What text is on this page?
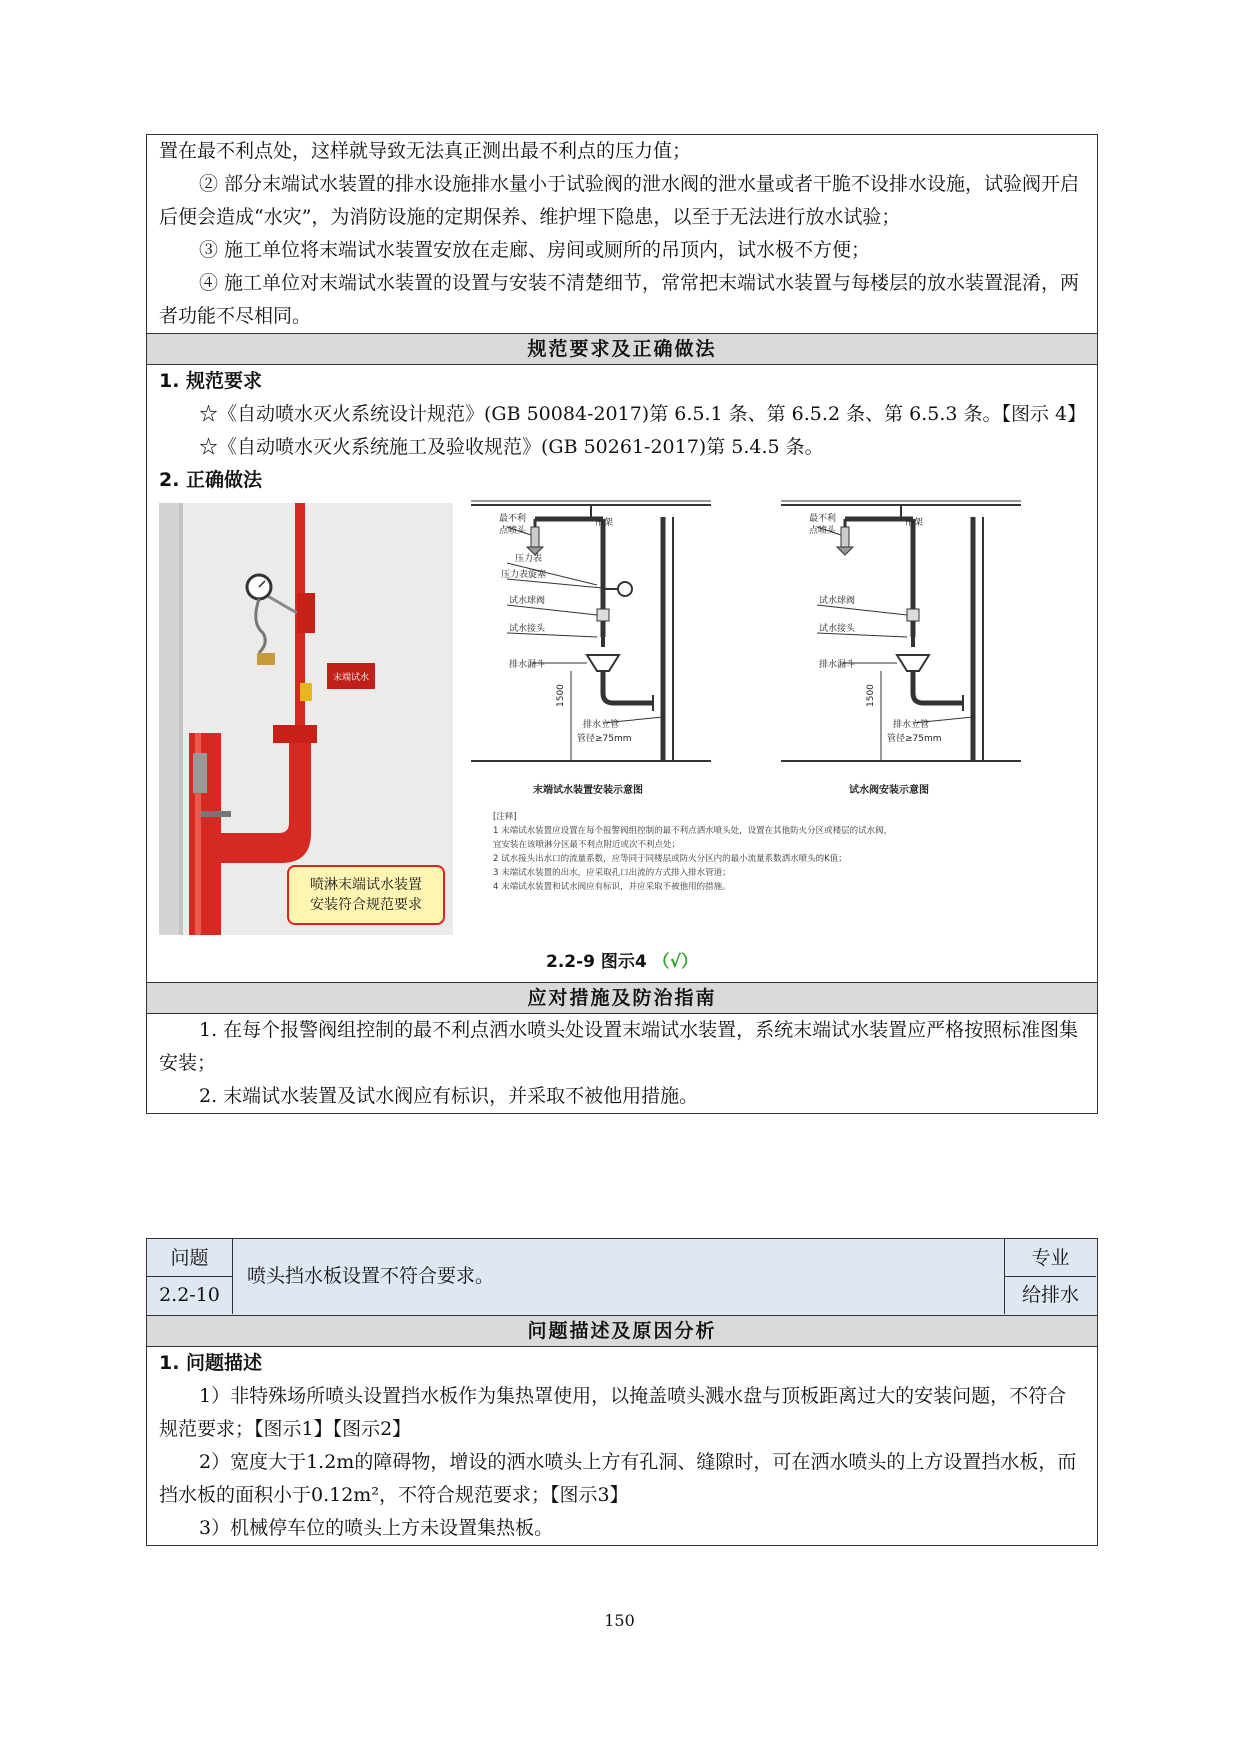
置在最不利点处，这样就导致无法真正测出最不利点的压力值；
② 部分末端试水装置的排水设施排水量小于试验阀的泄水阀的泄水量或者干脆不设排水设施，试验阀开启后便会造成“水灾”，为消防设施的定期保养、维护埋下隐患，以至于无法进行放水试验；
③ 施工单位将末端试水装置安放在走廊、房间或厕所的吊顶内，试水极不方便；
④ 施工单位对末端试水装置的设置与安装不清楚细节，常常把末端试水装置与每楼层的放水装置混淆，两者功能不尽相同。
规范要求及正确做法
1. 规范要求
☆《自动喷水灭火系统设计规范》(GB 50084-2017)第 6.5.1 条、第 6.5.2 条、第 6.5.3 条。【图示 4】
☆《自动喷水灭火系统施工及验收规范》(GB 50261-2017)第 5.4.5 条。
2. 正确做法
末端试水
喷淋末端试水装置
安装符合规范要求
最不利
点喷头
吊架
压力表
压力表旋塞
试水球阀
试水接头
排水漏斗
1500
排水立管
管径≥75mm
末端试水装置安装示意图
最不利
点喷头
吊架
试水球阀
试水接头
排水漏斗
1500
排水立管
管径≥75mm
试水阀安装示意图
[注释]
1 末端试水装置应设置在每个报警阀组控制的最不利点洒水喷头处，设置在其他防火分区或楼层的试水阀，
宜安装在该喷淋分区最不利点附近或次不利点处；
2 试水接头出水口的流量系数，应等同于同楼层或防火分区内的最小流量系数洒水喷头的K值；
3 末端试水装置的出水，应采取孔口出流的方式排入排水管道；
4 末端试水装置和试水阀应有标识，并应采取不被他用的措施。
2.2-9 图示4 （√）
应对措施及防治指南
1. 在每个报警阀组控制的最不利点洒水喷头处设置末端试水装置，系统末端试水装置应严格按照标准图集安装；
2. 末端试水装置及试水阀应有标识，并采取不被他用措施。
问题
2.2-10
喷头挡水板设置不符合要求。
专业
给排水
问题描述及原因分析
1. 问题描述
1）非特殊场所喷头设置挡水板作为集热罩使用，以掩盖喷头溅水盘与顶板距离过大的安装问题，不符合规范要求；【图示1】【图示2】
2）宽度大于1.2m的障碍物，增设的洒水喷头上方有孔洞、缝隙时，可在洒水喷头的上方设置挡水板，而挡水板的面积小于0.12m²，不符合规范要求；【图示3】
3）机械停车位的喷头上方未设置集热板。
150
